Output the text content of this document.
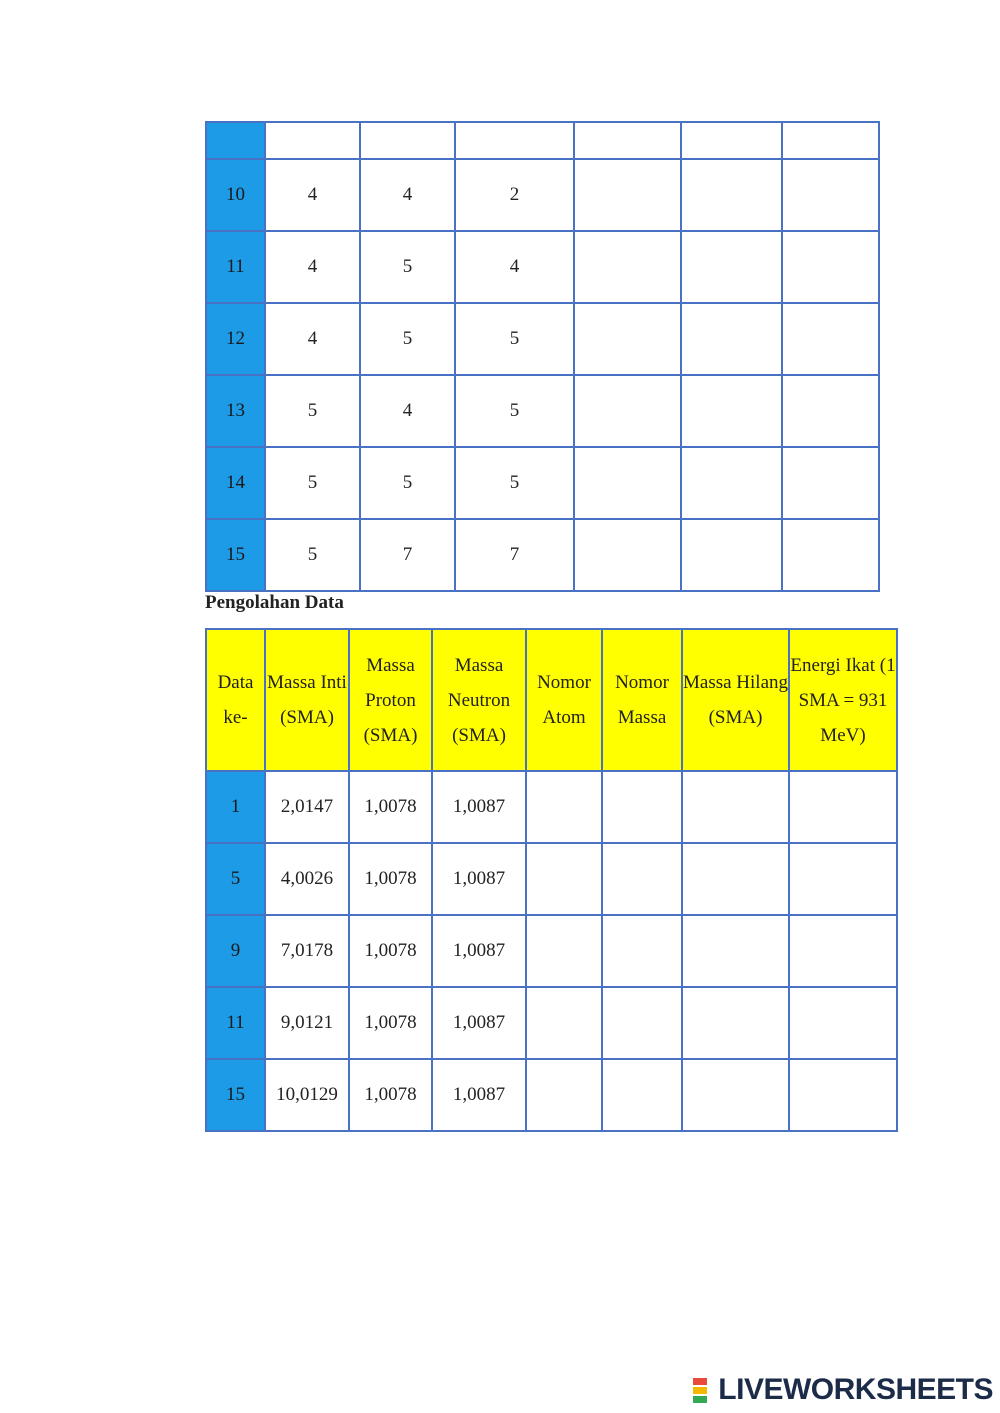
10	4	4	2			
11	4	5	4			
12	4	5	5			
13	5	4	5			
14	5	5	5			
15	5	7	7			
Pengolahan Data
Data ke-	Massa Inti (SMA)	Massa Proton (SMA)	Massa Neutron (SMA)	Nomor Atom	Nomor Massa	Massa Hilang (SMA)	Energi Ikat (1 SMA = 931 MeV)
1	2,0147	1,0078	1,0087				
5	4,0026	1,0078	1,0087				
9	7,0178	1,0078	1,0087				
11	9,0121	1,0078	1,0087				
15	10,0129	1,0078	1,0087				
LIVEWORKSHEETS
